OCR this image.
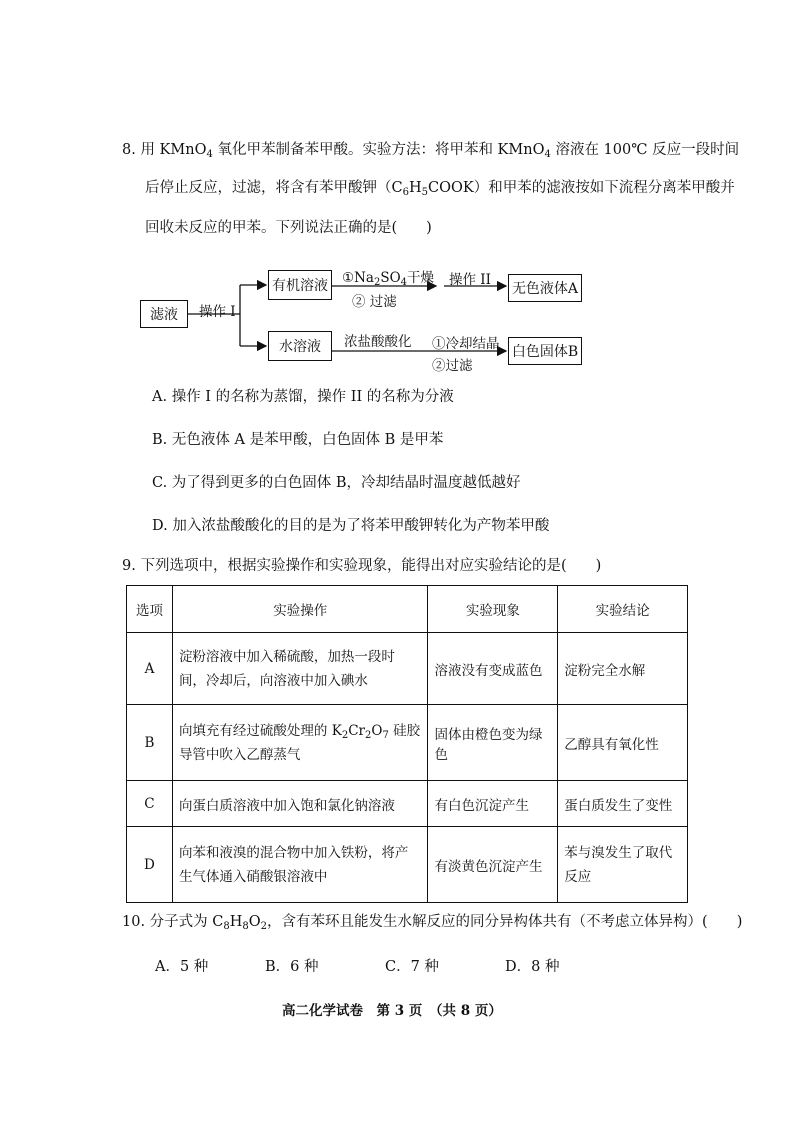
8. 用 KMnO$_4$ 氧化甲苯制备苯甲酸。实验方法：将甲苯和 KMnO$_4$ 溶液在 100℃ 反应一段时间
后停止反应，过滤，将含有苯甲酸钾$(C_6H_5COOK)$和甲苯的滤液按如下流程分离苯甲酸并
回收未反应的甲苯。下列说法正确的是(　　)
滤液	操作 I
有机溶液 $①Na_2SO_4$干燥
② 过滤
操作 II
无色液体A
水溶液	浓盐酸酸化 ①冷却结晶
②过滤
白色固体B
A. 操作 I 的名称为蒸馏，操作 II 的名称为分液
B. 无色液体 A 是苯甲酸，白色固体 B 是甲苯
C. 为了得到更多的白色固体 B，冷却结晶时温度越低越好
D. 加入浓盐酸酸化的目的是为了将苯甲酸钾转化为产物苯甲酸
9. 下列选项中，根据实验操作和实验现象，能得出对应实验结论的是(　　)
选项	实验操作	实验现象	实验结论
A	淀粉溶液中加入稀硫酸，加热一段时间，冷却后，向溶液中加入碘水	溶液没有变成蓝色	淀粉完全水解
B	向填充有经过硫酸处理的 $K_2Cr_2O_7$ 硅胶导管中吹入乙醇蒸气	固体由橙色变为绿色	乙醇具有氧化性
C	向蛋白质溶液中加入饱和氯化钠溶液	有白色沉淀产生	蛋白质发生了变性
D	向苯和液溴的混合物中加入铁粉，将产生气体通入硝酸银溶液中	有淡黄色沉淀产生	苯与溴发生了取代反应
10. 分子式为 $C_8H_8O_2$，含有苯环且能发生水解反应的同分异构体共有（不考虑立体异构）(　　)
A．5 种	B．6 种	C．7 种	D．8 种
高二化学试卷　第 3 页　（共 8 页）
